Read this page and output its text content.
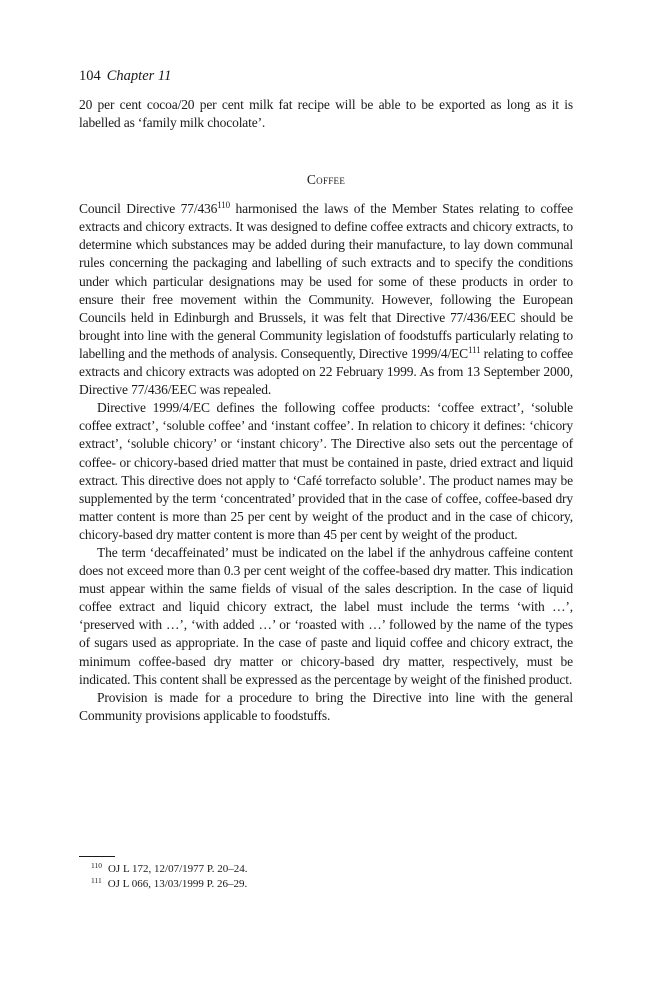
104 Chapter 11

20 per cent cocoa/20 per cent milk fat recipe will be able to be exported as long as it is labelled as ‘family milk chocolate’.

Coffee

Council Directive $77/436^{110}$ harmonised the laws of the Member States relating to coffee extracts and chicory extracts. It was designed to define coffee extracts and chicory extracts, to determine which substances may be added during their manufacture, to lay down communal rules concerning the packaging and labelling of such extracts and to specify the conditions under which particular designations may be used for some of these products in order to ensure their free movement within the Community. However, following the European Councils held in Edinburgh and Brussels, it was felt that Directive 77/436/EEC should be brought into line with the general Community legislation of foodstuffs particularly relating to labelling and the methods of analysis. Consequently, Directive 1999/4/EC$^{111}$ relating to coffee extracts and chicory extracts was adopted on 22 February 1999. As from 13 September 2000, Directive 77/436/EEC was repealed.

Directive 1999/4/EC defines the following coffee products: ‘coffee extract’, ‘soluble coffee extract’, ‘soluble coffee’ and ‘instant coffee’. In relation to chicory it defines: ‘chicory extract’, ‘soluble chicory’ or ‘instant chicory’. The Directive also sets out the percentage of coffee- or chicory-based dried matter that must be contained in paste, dried extract and liquid extract. This directive does not apply to ‘Café torrefacto soluble’. The product names may be supplemented by the term ‘concentrated’ provided that in the case of coffee, coffee-based dry matter content is more than 25 per cent by weight of the product and in the case of chicory, chicory-based dry matter content is more than 45 per cent by weight of the product.

The term ‘decaffeinated’ must be indicated on the label if the anhydrous caffeine content does not exceed more than 0.3 per cent weight of the coffee-based dry matter. This indication must appear within the same fields of visual of the sales description. In the case of liquid coffee extract and liquid chicory extract, the label must include the terms ‘with …’, ‘preserved with …’, ‘with added …’ or ‘roasted with …’ followed by the name of the types of sugars used as appropriate. In the case of paste and liquid coffee and chicory extract, the minimum coffee-based dry matter or chicory-based dry matter, respectively, must be indicated. This content shall be expressed as the percentage by weight of the finished product.

Provision is made for a procedure to bring the Directive into line with the general Community provisions applicable to foodstuffs.

$^{110}$ OJ L 172, 12/07/1977 P. 20–24.
$^{111}$ OJ L 066, 13/03/1999 P. 26–29.
